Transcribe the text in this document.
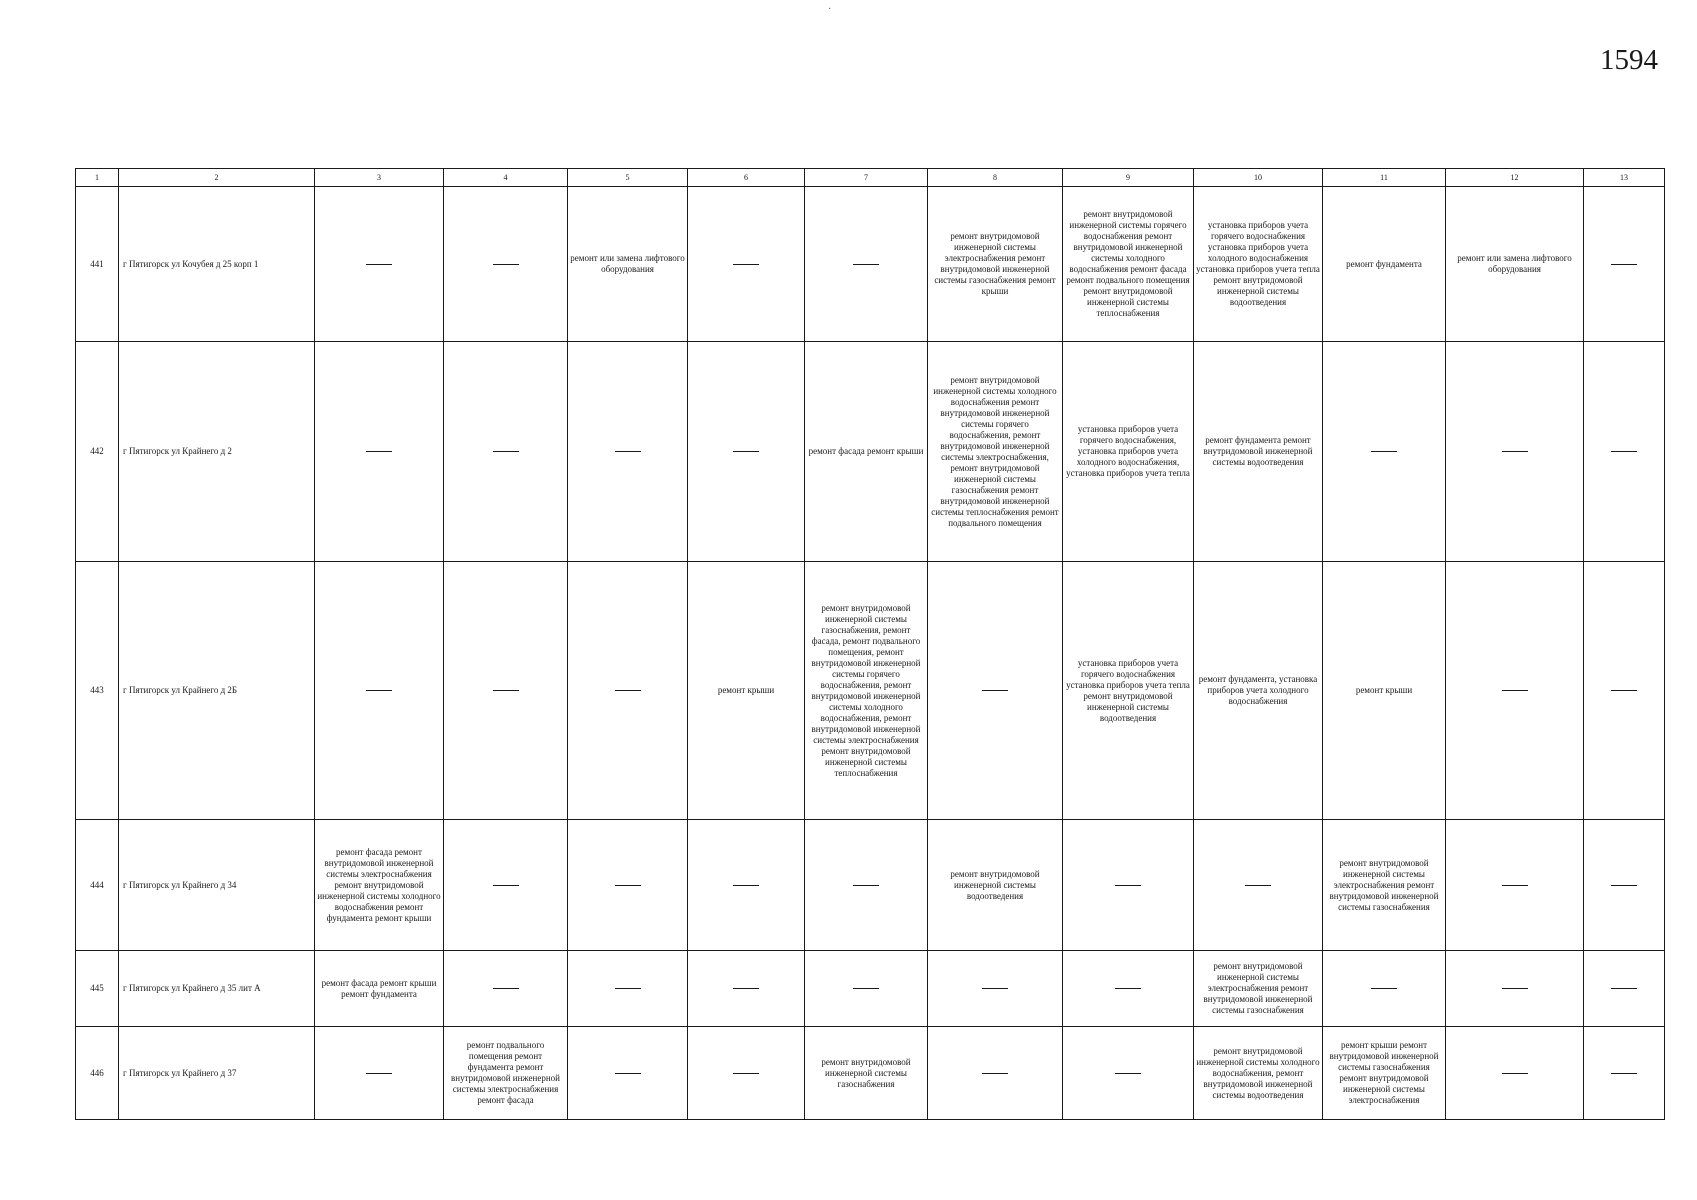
·
1594
1	2	3	4	5	6	7	8	9	10	11	12	13
441	г Пятигорск ул Кочубея д 25 корп 1			ремонт или замена лифтового оборудования			ремонт внутридомовой инженерной системы электроснабжения ремонт внутридомовой инженерной системы газоснабжения ремонт крыши	ремонт внутридомовой инженерной системы горячего водоснабжения ремонт внутридомовой инженерной системы холодного водоснабжения ремонт фасада ремонт подвального помещения ремонт внутридомовой инженерной системы теплоснабжения	установка приборов учета горячего водоснабжения установка приборов учета холодного водоснабжения установка приборов учета тепла ремонт внутридомовой инженерной системы водоотведения	ремонт фундамента	ремонт или замена лифтового оборудования	
442	г Пятигорск ул Крайнего д 2					ремонт фасада ремонт крыши	ремонт внутридомовой инженерной системы холодного водоснабжения ремонт внутридомовой инженерной системы горячего водоснабжения, ремонт внутридомовой инженерной системы электроснабжения, ремонт внутридомовой инженерной системы газоснабжения ремонт внутридомовой инженерной системы теплоснабжения ремонт подвального помещения	установка приборов учета горячего водоснабжения, установка приборов учета холодного водоснабжения, установка приборов учета тепла	ремонт фундамента ремонт внутридомовой инженерной системы водоотведения			
443	г Пятигорск ул Крайнего д 2Б				ремонт крыши	ремонт внутридомовой инженерной системы газоснабжения, ремонт фасада, ремонт подвального помещения, ремонт внутридомовой инженерной системы горячего водоснабжения, ремонт внутридомовой инженерной системы холодного водоснабжения, ремонт внутридомовой инженерной системы электроснабжения ремонт внутридомовой инженерной системы теплоснабжения		установка приборов учета горячего водоснабжения установка приборов учета тепла ремонт внутридомовой инженерной системы водоотведения	ремонт фундамента, установка приборов учета холодного водоснабжения	ремонт крыши		
444	г Пятигорск ул Крайнего д 34	ремонт фасада ремонт внутридомовой инженерной системы электроснабжения ремонт внутридомовой инженерной системы холодного водоснабжения ремонт фундамента ремонт крыши					ремонт внутридомовой инженерной системы водоотведения			ремонт внутридомовой инженерной системы электроснабжения ремонт внутридомовой инженерной системы газоснабжения		
445	г Пятигорск ул Крайнего д 35 лит А	ремонт фасада ремонт крыши ремонт фундамента							ремонт внутридомовой инженерной системы электроснабжения ремонт внутридомовой инженерной системы газоснабжения			
446	г Пятигорск ул Крайнего д 37		ремонт подвального помещения ремонт фундамента ремонт внутридомовой инженерной системы электроснабжения ремонт фасада			ремонт внутридомовой инженерной системы газоснабжения			ремонт внутридомовой инженерной системы холодного водоснабжения, ремонт внутридомовой инженерной системы водоотведения	ремонт крыши ремонт внутридомовой инженерной системы газоснабжения ремонт внутридомовой инженерной системы электроснабжения		
